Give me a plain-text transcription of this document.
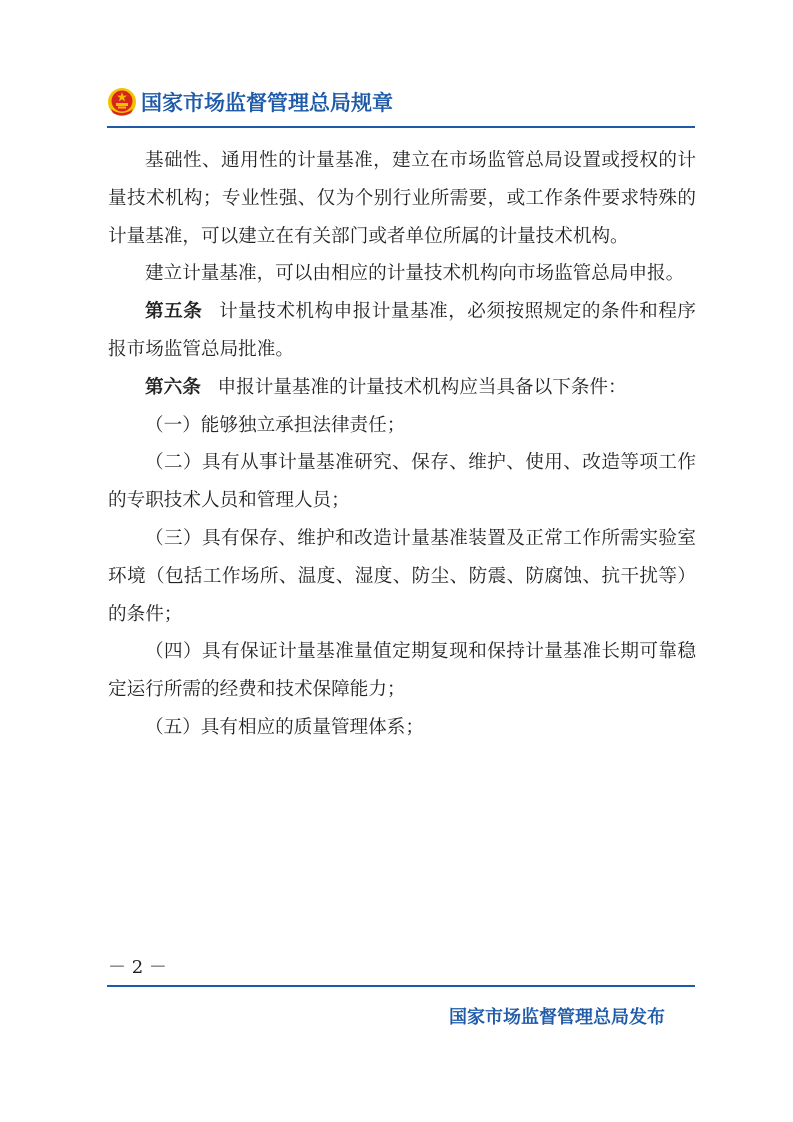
国家市场监督管理总局规章

基础性、通用性的计量基准，建立在市场监管总局设置或授权的计量技术机构；专业性强、仅为个别行业所需要，或工作条件要求特殊的计量基准，可以建立在有关部门或者单位所属的计量技术机构。

建立计量基准，可以由相应的计量技术机构向市场监管总局申报。

第五条 计量技术机构申报计量基准，必须按照规定的条件和程序报市场监管总局批准。

第六条 申报计量基准的计量技术机构应当具备以下条件：

（一）能够独立承担法律责任；

（二）具有从事计量基准研究、保存、维护、使用、改造等项工作的专职技术人员和管理人员；

（三）具有保存、维护和改造计量基准装置及正常工作所需实验室环境（包括工作场所、温度、湿度、防尘、防震、防腐蚀、抗干扰等）的条件；

（四）具有保证计量基准量值定期复现和保持计量基准长期可靠稳定运行所需的经费和技术保障能力；

（五）具有相应的质量管理体系；

－ 2 －
国家市场监督管理总局发布
